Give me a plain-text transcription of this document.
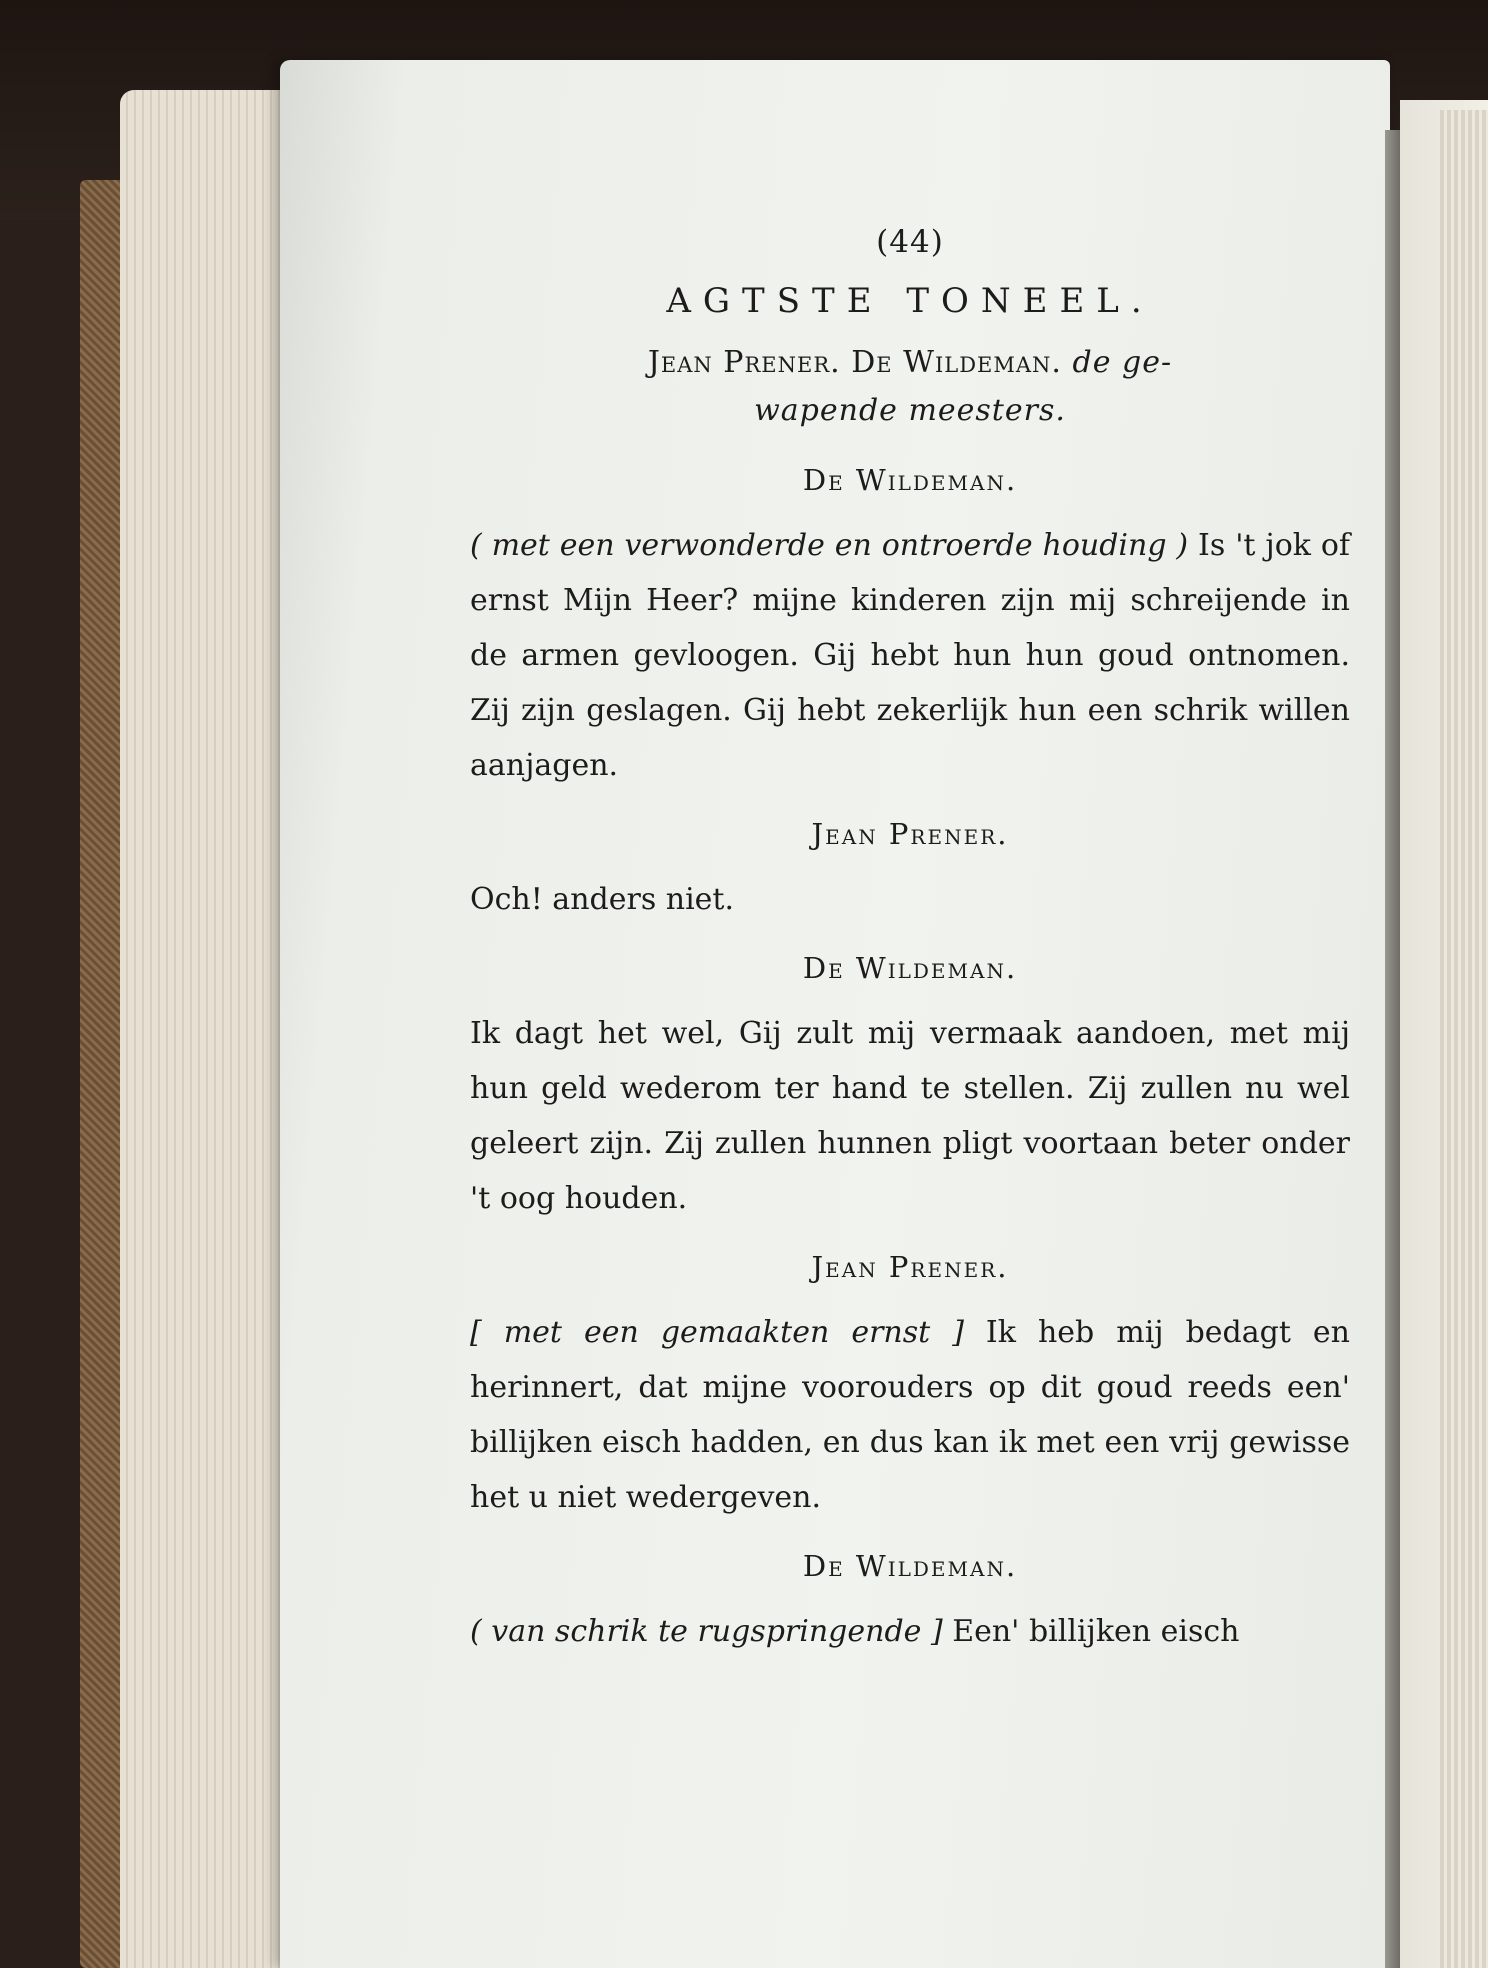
(44)
AGTSTE TONEEL.
Jean Prener. De Wildeman. de ge-
wapende meesters.
De Wildeman.

( met een verwonderde en ontroerde houding ) Is 't jok of ernst Mijn Heer? mijne kinderen zijn mij schreijende in de armen gevloogen. Gij hebt hun hun goud ontnomen. Zij zijn geslagen. Gij hebt zekerlijk hun een schrik willen aanjagen.

Jean Prener.

Och! anders niet.

De Wildeman.

Ik dagt het wel, Gij zult mij vermaak aandoen, met mij hun geld wederom ter hand te stellen. Zij zullen nu wel geleert zijn. Zij zullen hunnen pligt voortaan beter onder 't oog houden.

Jean Prener.

[ met een gemaakten ernst ] Ik heb mij bedagt en herinnert, dat mijne voorouders op dit goud reeds een' billijken eisch hadden, en dus kan ik met een vrij gewisse het u niet wedergeven.

De Wildeman.

( van schrik te rugspringende ] Een' billijken eisch
